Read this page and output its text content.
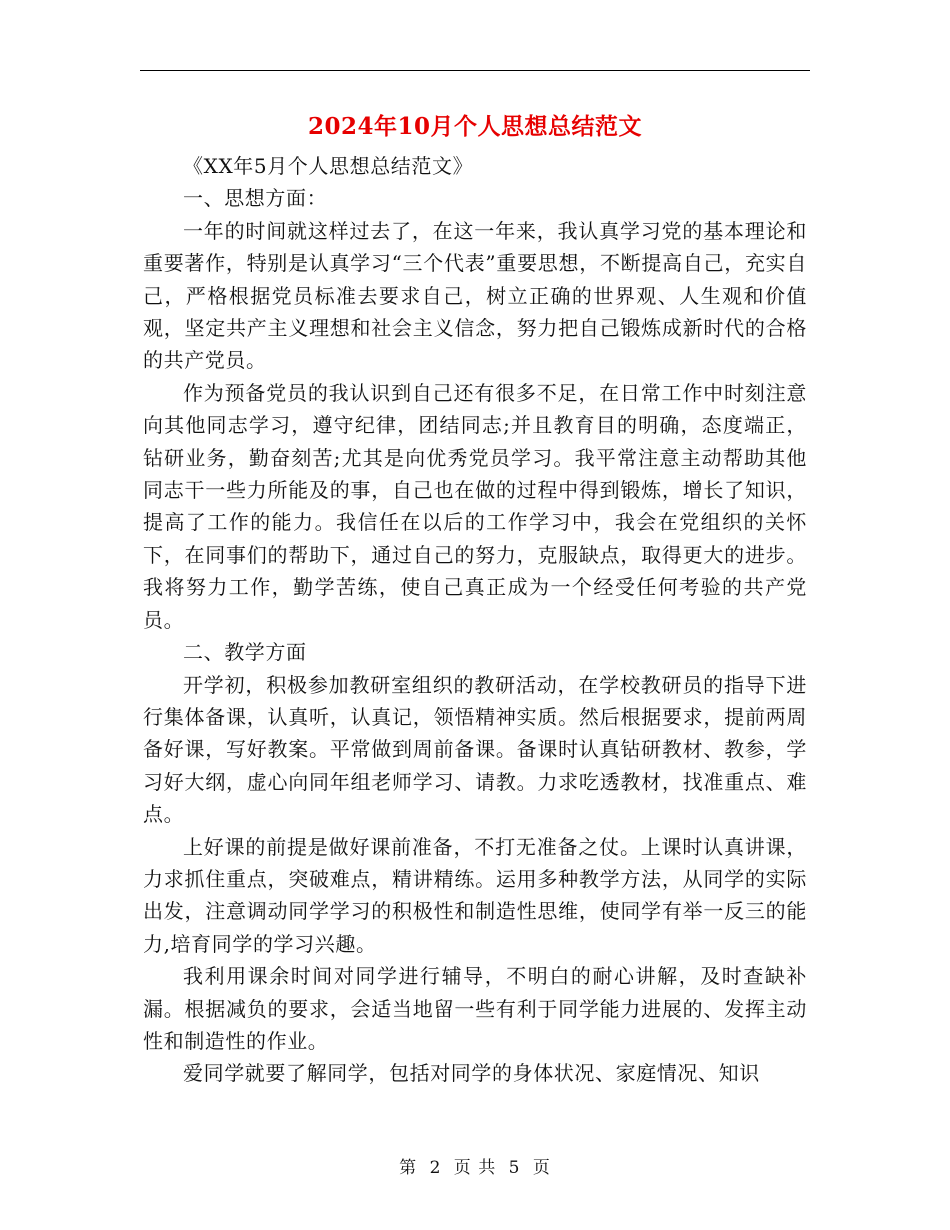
2024年10月个人思想总结范文

《XX年5月个人思想总结范文》

一、思想方面：

一年的时间就这样过去了，在这一年来，我认真学习党的基本理论和重要著作，特别是认真学习“三个代表”重要思想，不断提高自己，充实自己，严格根据党员标准去要求自己，树立正确的世界观、人生观和价值观，坚定共产主义理想和社会主义信念，努力把自己锻炼成新时代的合格的共产党员。

作为预备党员的我认识到自己还有很多不足，在日常工作中时刻注意向其他同志学习，遵守纪律，团结同志;并且教育目的明确，态度端正，钻研业务，勤奋刻苦;尤其是向优秀党员学习。我平常注意主动帮助其他同志干一些力所能及的事，自己也在做的过程中得到锻炼，增长了知识，提高了工作的能力。我信任在以后的工作学习中，我会在党组织的关怀下，在同事们的帮助下，通过自己的努力，克服缺点，取得更大的进步。我将努力工作，勤学苦练，使自己真正成为一个经受任何考验的共产党员。

二、教学方面

开学初，积极参加教研室组织的教研活动，在学校教研员的指导下进行集体备课，认真听，认真记，领悟精神实质。然后根据要求，提前两周备好课，写好教案。平常做到周前备课。备课时认真钻研教材、教参，学习好大纲，虚心向同年组老师学习、请教。力求吃透教材，找准重点、难点。

上好课的前提是做好课前准备，不打无准备之仗。上课时认真讲课，力求抓住重点，突破难点，精讲精练。运用多种教学方法，从同学的实际出发，注意调动同学学习的积极性和制造性思维，使同学有举一反三的能力,培育同学的学习兴趣。

我利用课余时间对同学进行辅导，不明白的耐心讲解，及时查缺补漏。根据减负的要求，会适当地留一些有利于同学能力进展的、发挥主动性和制造性的作业。

爱同学就要了解同学，包括对同学的身体状况、家庭情况、知识

第 2 页 共 5 页
